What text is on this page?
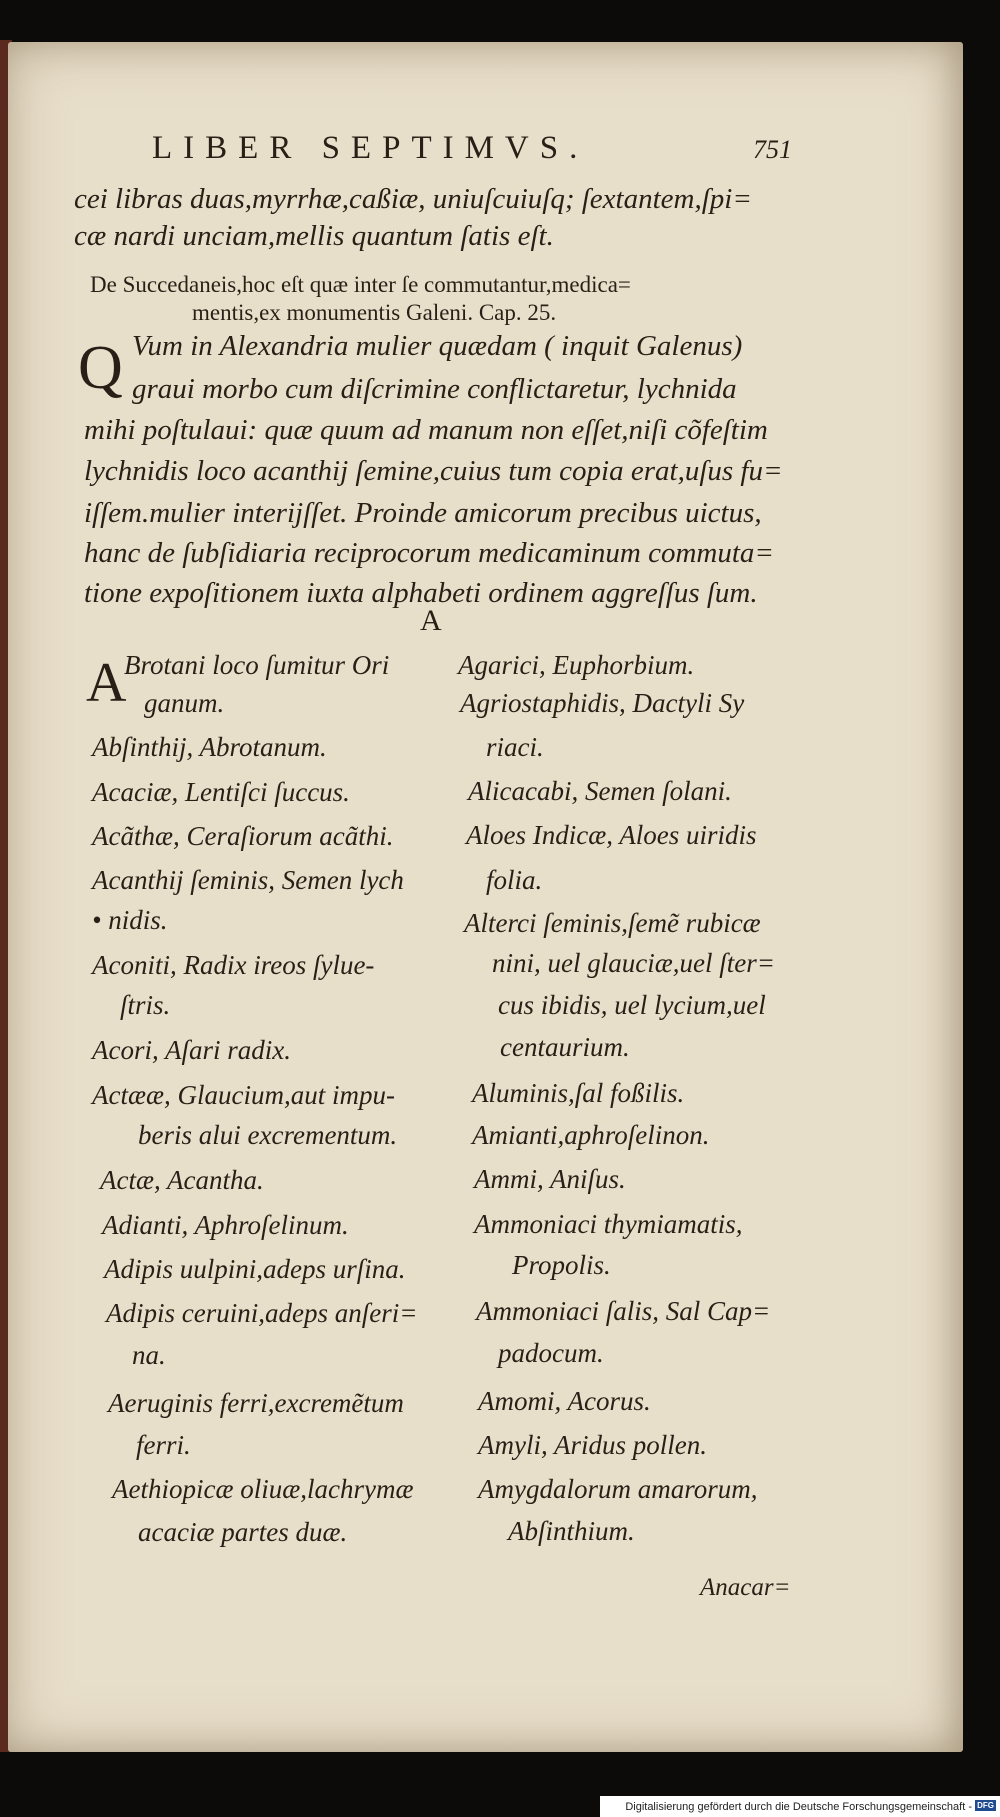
LIBER SEPTIMVS.	751
cei libras duas,myrrhæ,caßiæ, uniuſcuiuſq; ſextantem,ſpi=
cæ nardi unciam,mellis quantum ſatis eſt.
De Succedaneis,hoc eſt quæ inter ſe commutantur,medica=
mentis,ex monumentis Galeni. Cap. 25.
Q Vum in Alexandria mulier quædam ( inquit Galenus)
graui morbo cum diſcrimine conflictaretur, lychnida
mihi poſtulaui: quæ quum ad manum non eſſet,niſi cõfeſtim
lychnidis loco acanthij ſemine,cuius tum copia erat,uſus fu=
iſſem.mulier interijſſet. Proinde amicorum precibus uictus,
hanc de ſubſidiaria reciprocorum medicaminum commuta=
tione expoſitionem iuxta alphabeti ordinem aggreſſus ſum.
A
A
Brotani loco ſumitur Ori
ganum.
Abſinthij, Abrotanum.
Acaciæ, Lentiſci ſuccus.
Acãthæ, Ceraſiorum acãthi.
Acanthij ſeminis, Semen lych
• nidis.
Aconiti, Radix ireos ſylue-
ſtris.
Acori, Aſari radix.
Actææ, Glaucium,aut impu-
beris alui excrementum.
Actæ, Acantha.
Adianti, Aphroſelinum.
Adipis uulpini,adeps urſina.
Adipis ceruini,adeps anſeri=
na.
Aeruginis ferri,excremẽtum
ferri.
Aethiopicæ oliuæ,lachrymæ
acaciæ partes duæ.
Agarici, Euphorbium.
Agriostaphidis, Dactyli Sy
riaci.
Alicacabi, Semen ſolani.
Aloes Indicæ, Aloes uiridis
folia.
Alterci ſeminis,ſemẽ rubicæ
nini, uel glauciæ,uel ſter=
cus ibidis, uel lycium,uel
centaurium.
Aluminis,ſal foßilis.
Amianti,aphroſelinon.
Ammi, Aniſus.
Ammoniaci thymiamatis,
Propolis.
Ammoniaci ſalis, Sal Cap=
padocum.
Amomi, Acorus.
Amyli, Aridus pollen.
Amygdalorum amarorum,
Abſinthium.
Anacar=
Digitalisierung gefördert durch die Deutsche Forschungsgemeinschaft - DFG
